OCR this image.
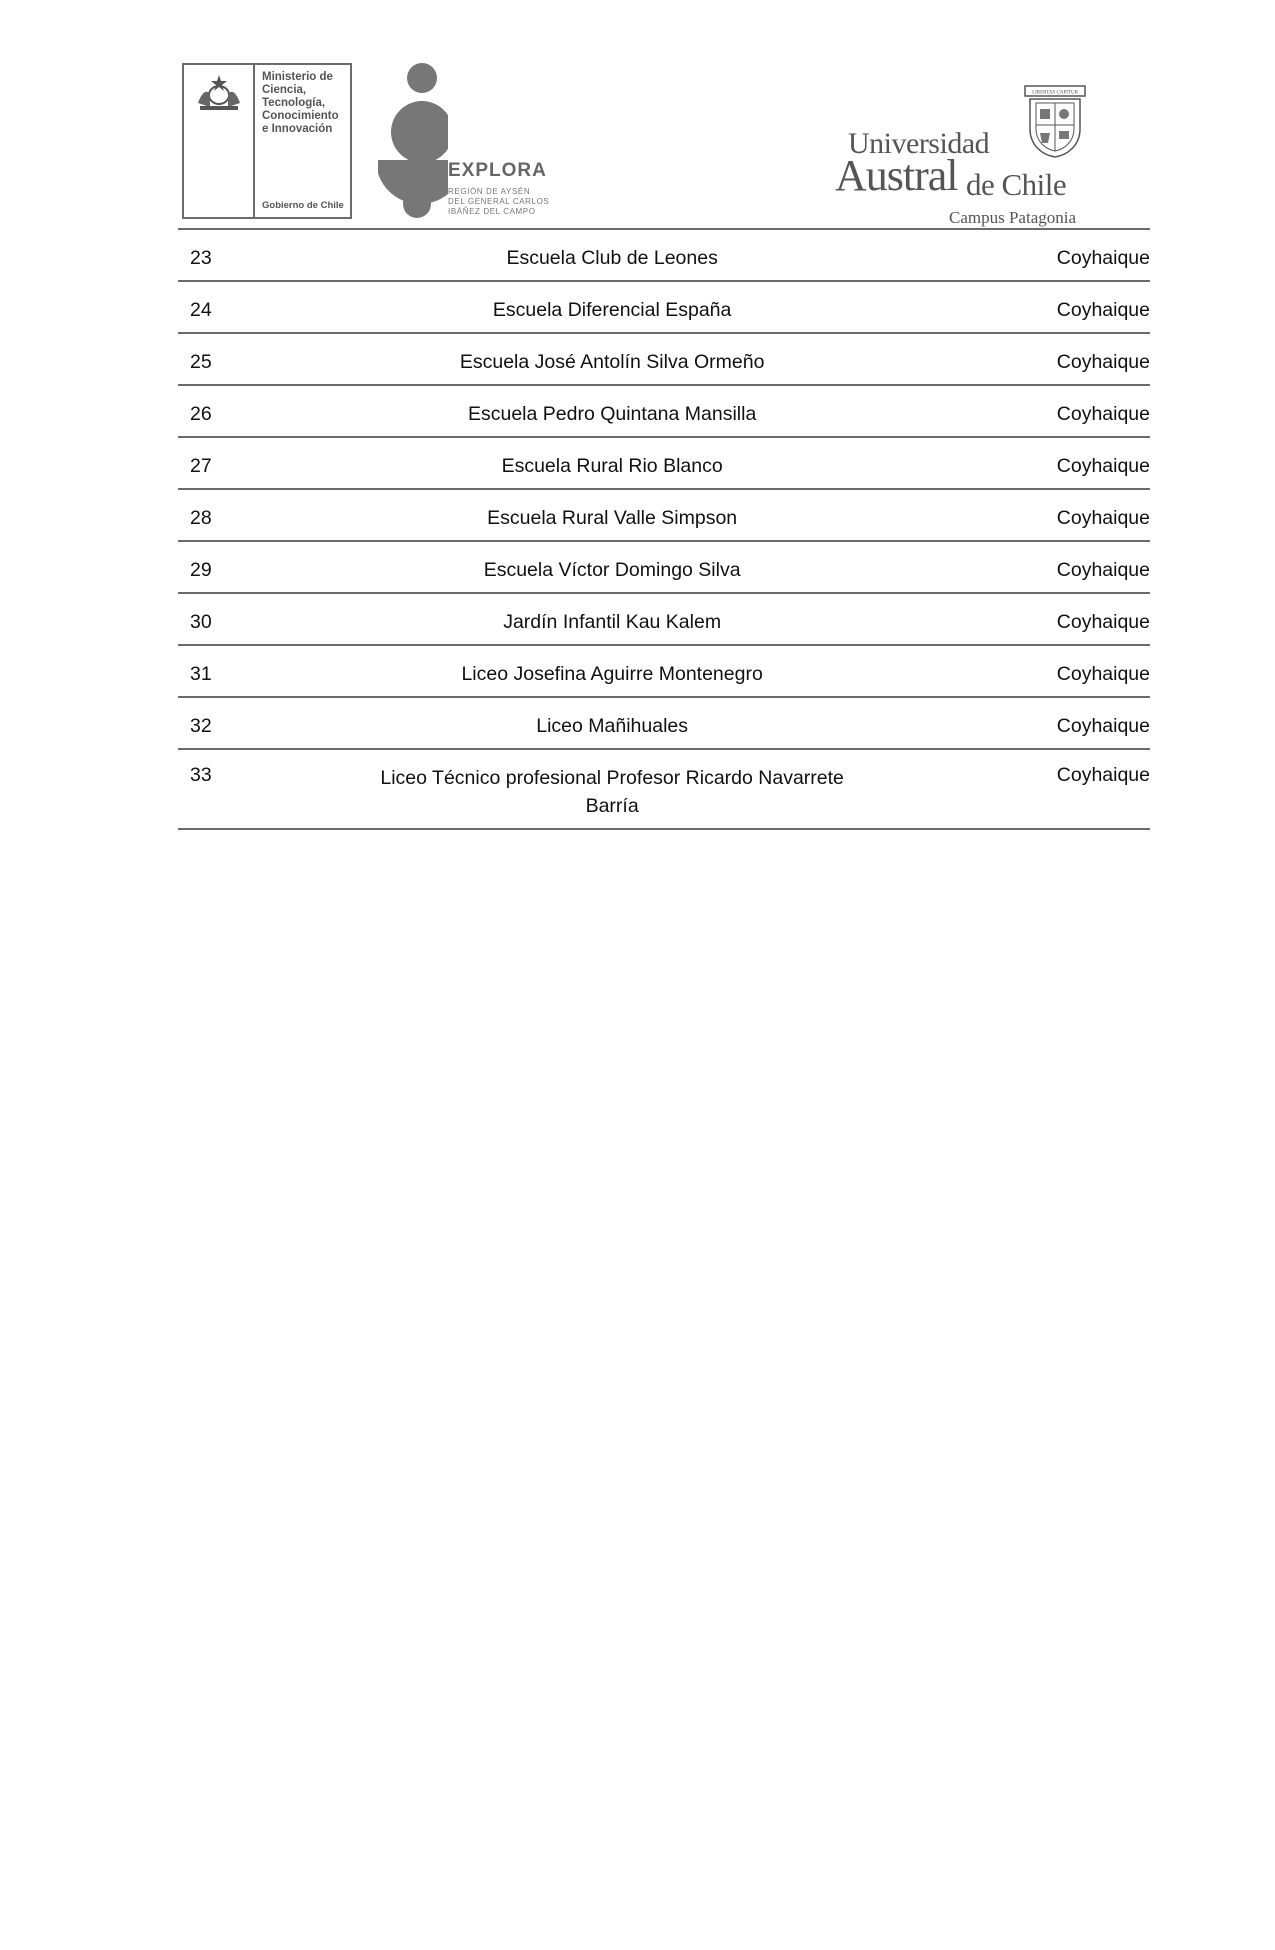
Ministerio de
Ciencia,
Tecnología,
Conocimiento
e Innovación
Gobierno de Chile
EXPLORA
REGIÓN DE AYSÉN
DEL GENERAL CARLOS
IBÁÑEZ DEL CAMPO
Universidad
Austral de Chile
Campus Patagonia
LIBERTAS CAPITUR
23	Escuela Club de Leones	Coyhaique
24	Escuela Diferencial España	Coyhaique
25	Escuela José Antolín Silva Ormeño	Coyhaique
26	Escuela Pedro Quintana Mansilla	Coyhaique
27	Escuela Rural Rio Blanco	Coyhaique
28	Escuela Rural Valle Simpson	Coyhaique
29	Escuela Víctor Domingo Silva	Coyhaique
30	Jardín Infantil Kau Kalem	Coyhaique
31	Liceo Josefina Aguirre Montenegro	Coyhaique
32	Liceo Mañihuales	Coyhaique
33	Liceo Técnico profesional Profesor Ricardo Navarrete Barría	Coyhaique
